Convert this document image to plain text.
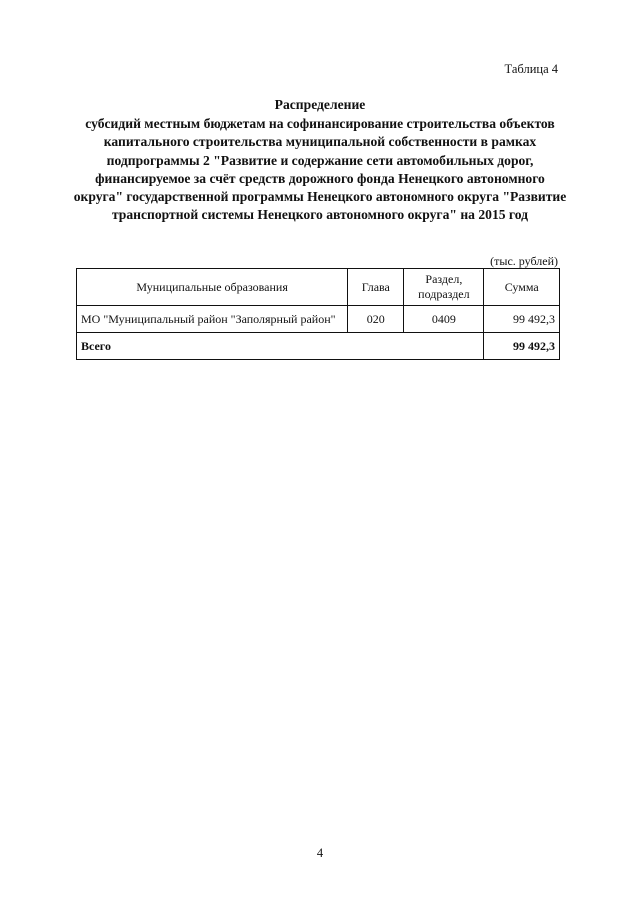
Таблица 4
Распределение
субсидий местным бюджетам на софинансирование строительства объектов капитального строительства муниципальной собственности в рамках подпрограммы 2 "Развитие и содержание сети автомобильных дорог, финансируемое за счёт средств дорожного фонда Ненецкого автономного округа" государственной программы Ненецкого автономного округа "Развитие транспортной системы Ненецкого автономного округа" на 2015 год
(тыс. рублей)
Муниципальные образования	Глава	Раздел, подраздел	Сумма
МО "Муниципальный район "Заполярный район"	020	0409	99 492,3
Всего			99 492,3
4
